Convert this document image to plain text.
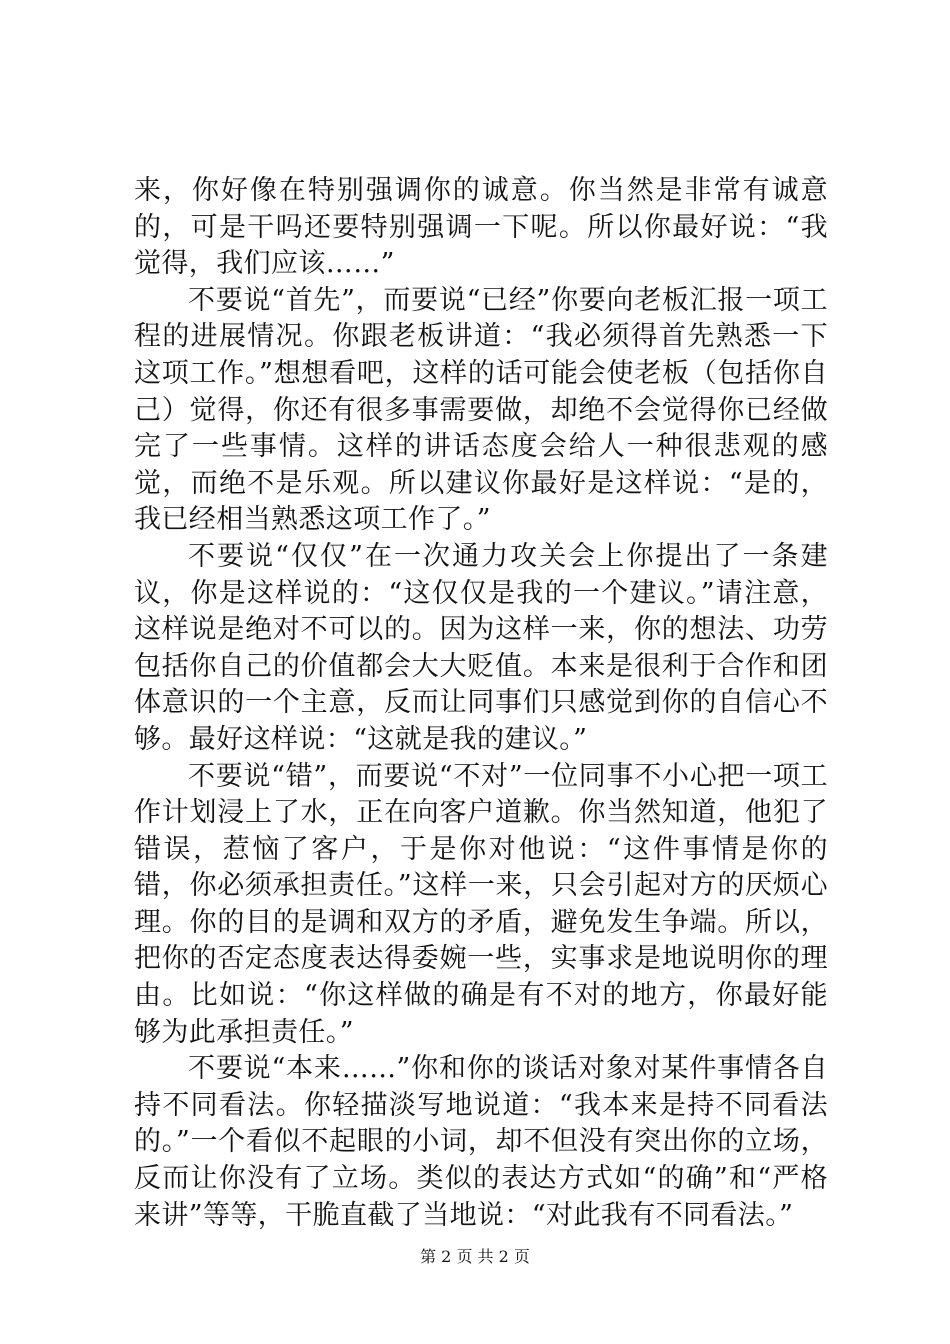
来，你好像在特别强调你的诚意。你当然是非常有诚意的，可是干吗还要特别强调一下呢。所以你最好说：“我觉得，我们应该……”

不要说“首先”，而要说“已经”你要向老板汇报一项工程的进展情况。你跟老板讲道：“我必须得首先熟悉一下这项工作。”想想看吧，这样的话可能会使老板（包括你自己）觉得，你还有很多事需要做，却绝不会觉得你已经做完了一些事情。这样的讲话态度会给人一种很悲观的感觉，而绝不是乐观。所以建议你最好是这样说：“是的，我已经相当熟悉这项工作了。”

不要说“仅仅”在一次通力攻关会上你提出了一条建议，你是这样说的：“这仅仅是我的一个建议。”请注意，这样说是绝对不可以的。因为这样一来，你的想法、功劳包括你自己的价值都会大大贬值。本来是很利于合作和团体意识的一个主意，反而让同事们只感觉到你的自信心不够。最好这样说：“这就是我的建议。”

不要说“错”，而要说“不对”一位同事不小心把一项工作计划浸上了水，正在向客户道歉。你当然知道，他犯了错误，惹恼了客户，于是你对他说：“这件事情是你的错，你必须承担责任。”这样一来，只会引起对方的厌烦心理。你的目的是调和双方的矛盾，避免发生争端。所以，把你的否定态度表达得委婉一些，实事求是地说明你的理由。比如说：“你这样做的确是有不对的地方，你最好能够为此承担责任。”

不要说“本来……”你和你的谈话对象对某件事情各自持不同看法。你轻描淡写地说道：“我本来是持不同看法的。”一个看似不起眼的小词，却不但没有突出你的立场，反而让你没有了立场。类似的表达方式如“的确”和“严格来讲”等等，干脆直截了当地说：“对此我有不同看法。”

第 2 页 共 2 页
